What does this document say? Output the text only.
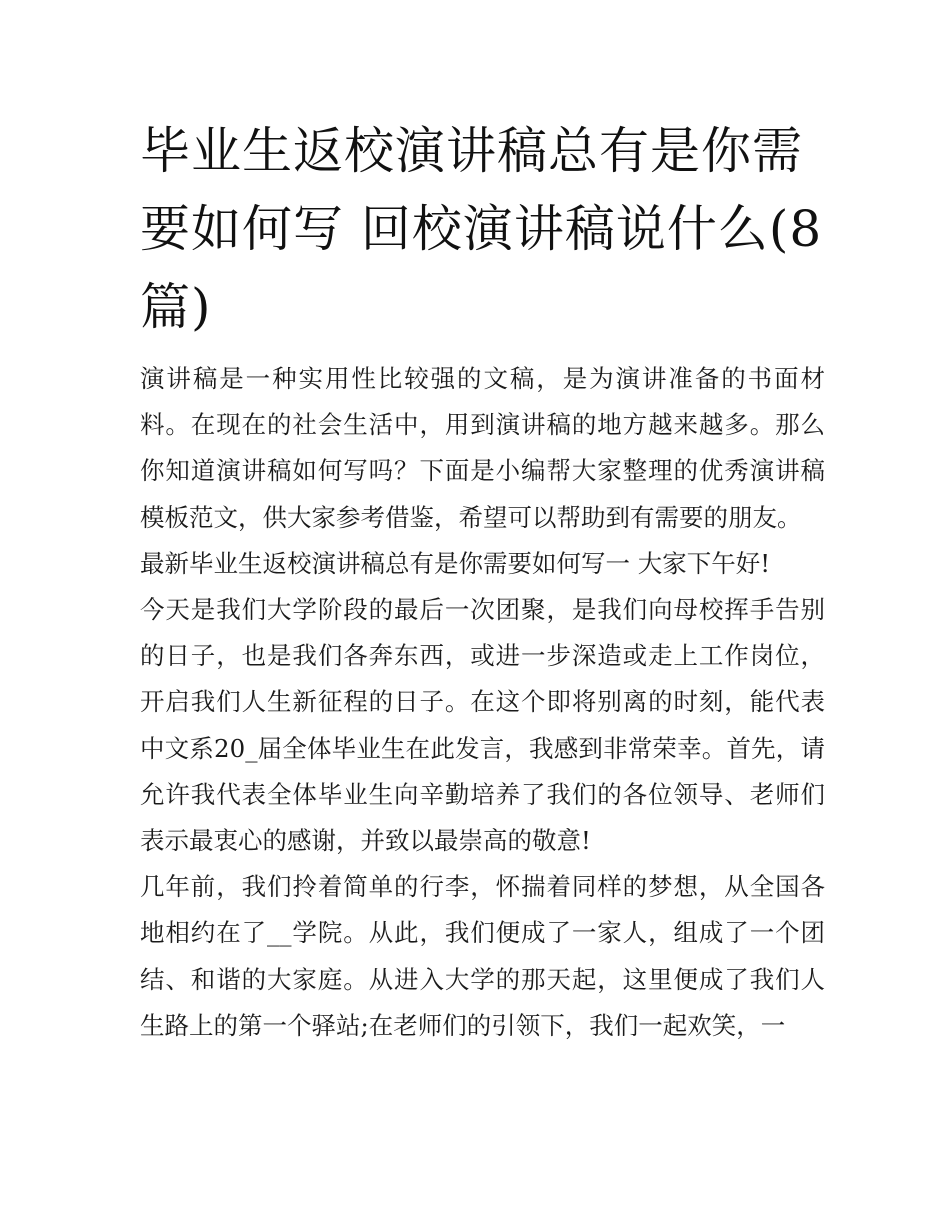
毕业生返校演讲稿总有是你需要如何写 回校演讲稿说什么(8篇)

演讲稿是一种实用性比较强的文稿，是为演讲准备的书面材料。在现在的社会生活中，用到演讲稿的地方越来越多。那么你知道演讲稿如何写吗？下面是小编帮大家整理的优秀演讲稿模板范文，供大家参考借鉴，希望可以帮助到有需要的朋友。

最新毕业生返校演讲稿总有是你需要如何写一 大家下午好!

今天是我们大学阶段的最后一次团聚，是我们向母校挥手告别的日子，也是我们各奔东西，或进一步深造或走上工作岗位，开启我们人生新征程的日子。在这个即将别离的时刻，能代表中文系20_届全体毕业生在此发言，我感到非常荣幸。首先，请允许我代表全体毕业生向辛勤培养了我们的各位领导、老师们表示最衷心的感谢，并致以最崇高的敬意!

几年前，我们拎着简单的行李，怀揣着同样的梦想，从全国各地相约在了__学院。从此，我们便成了一家人，组成了一个团结、和谐的大家庭。从进入大学的那天起，这里便成了我们人生路上的第一个驿站;在老师们的引领下，我们一起欢笑，一
